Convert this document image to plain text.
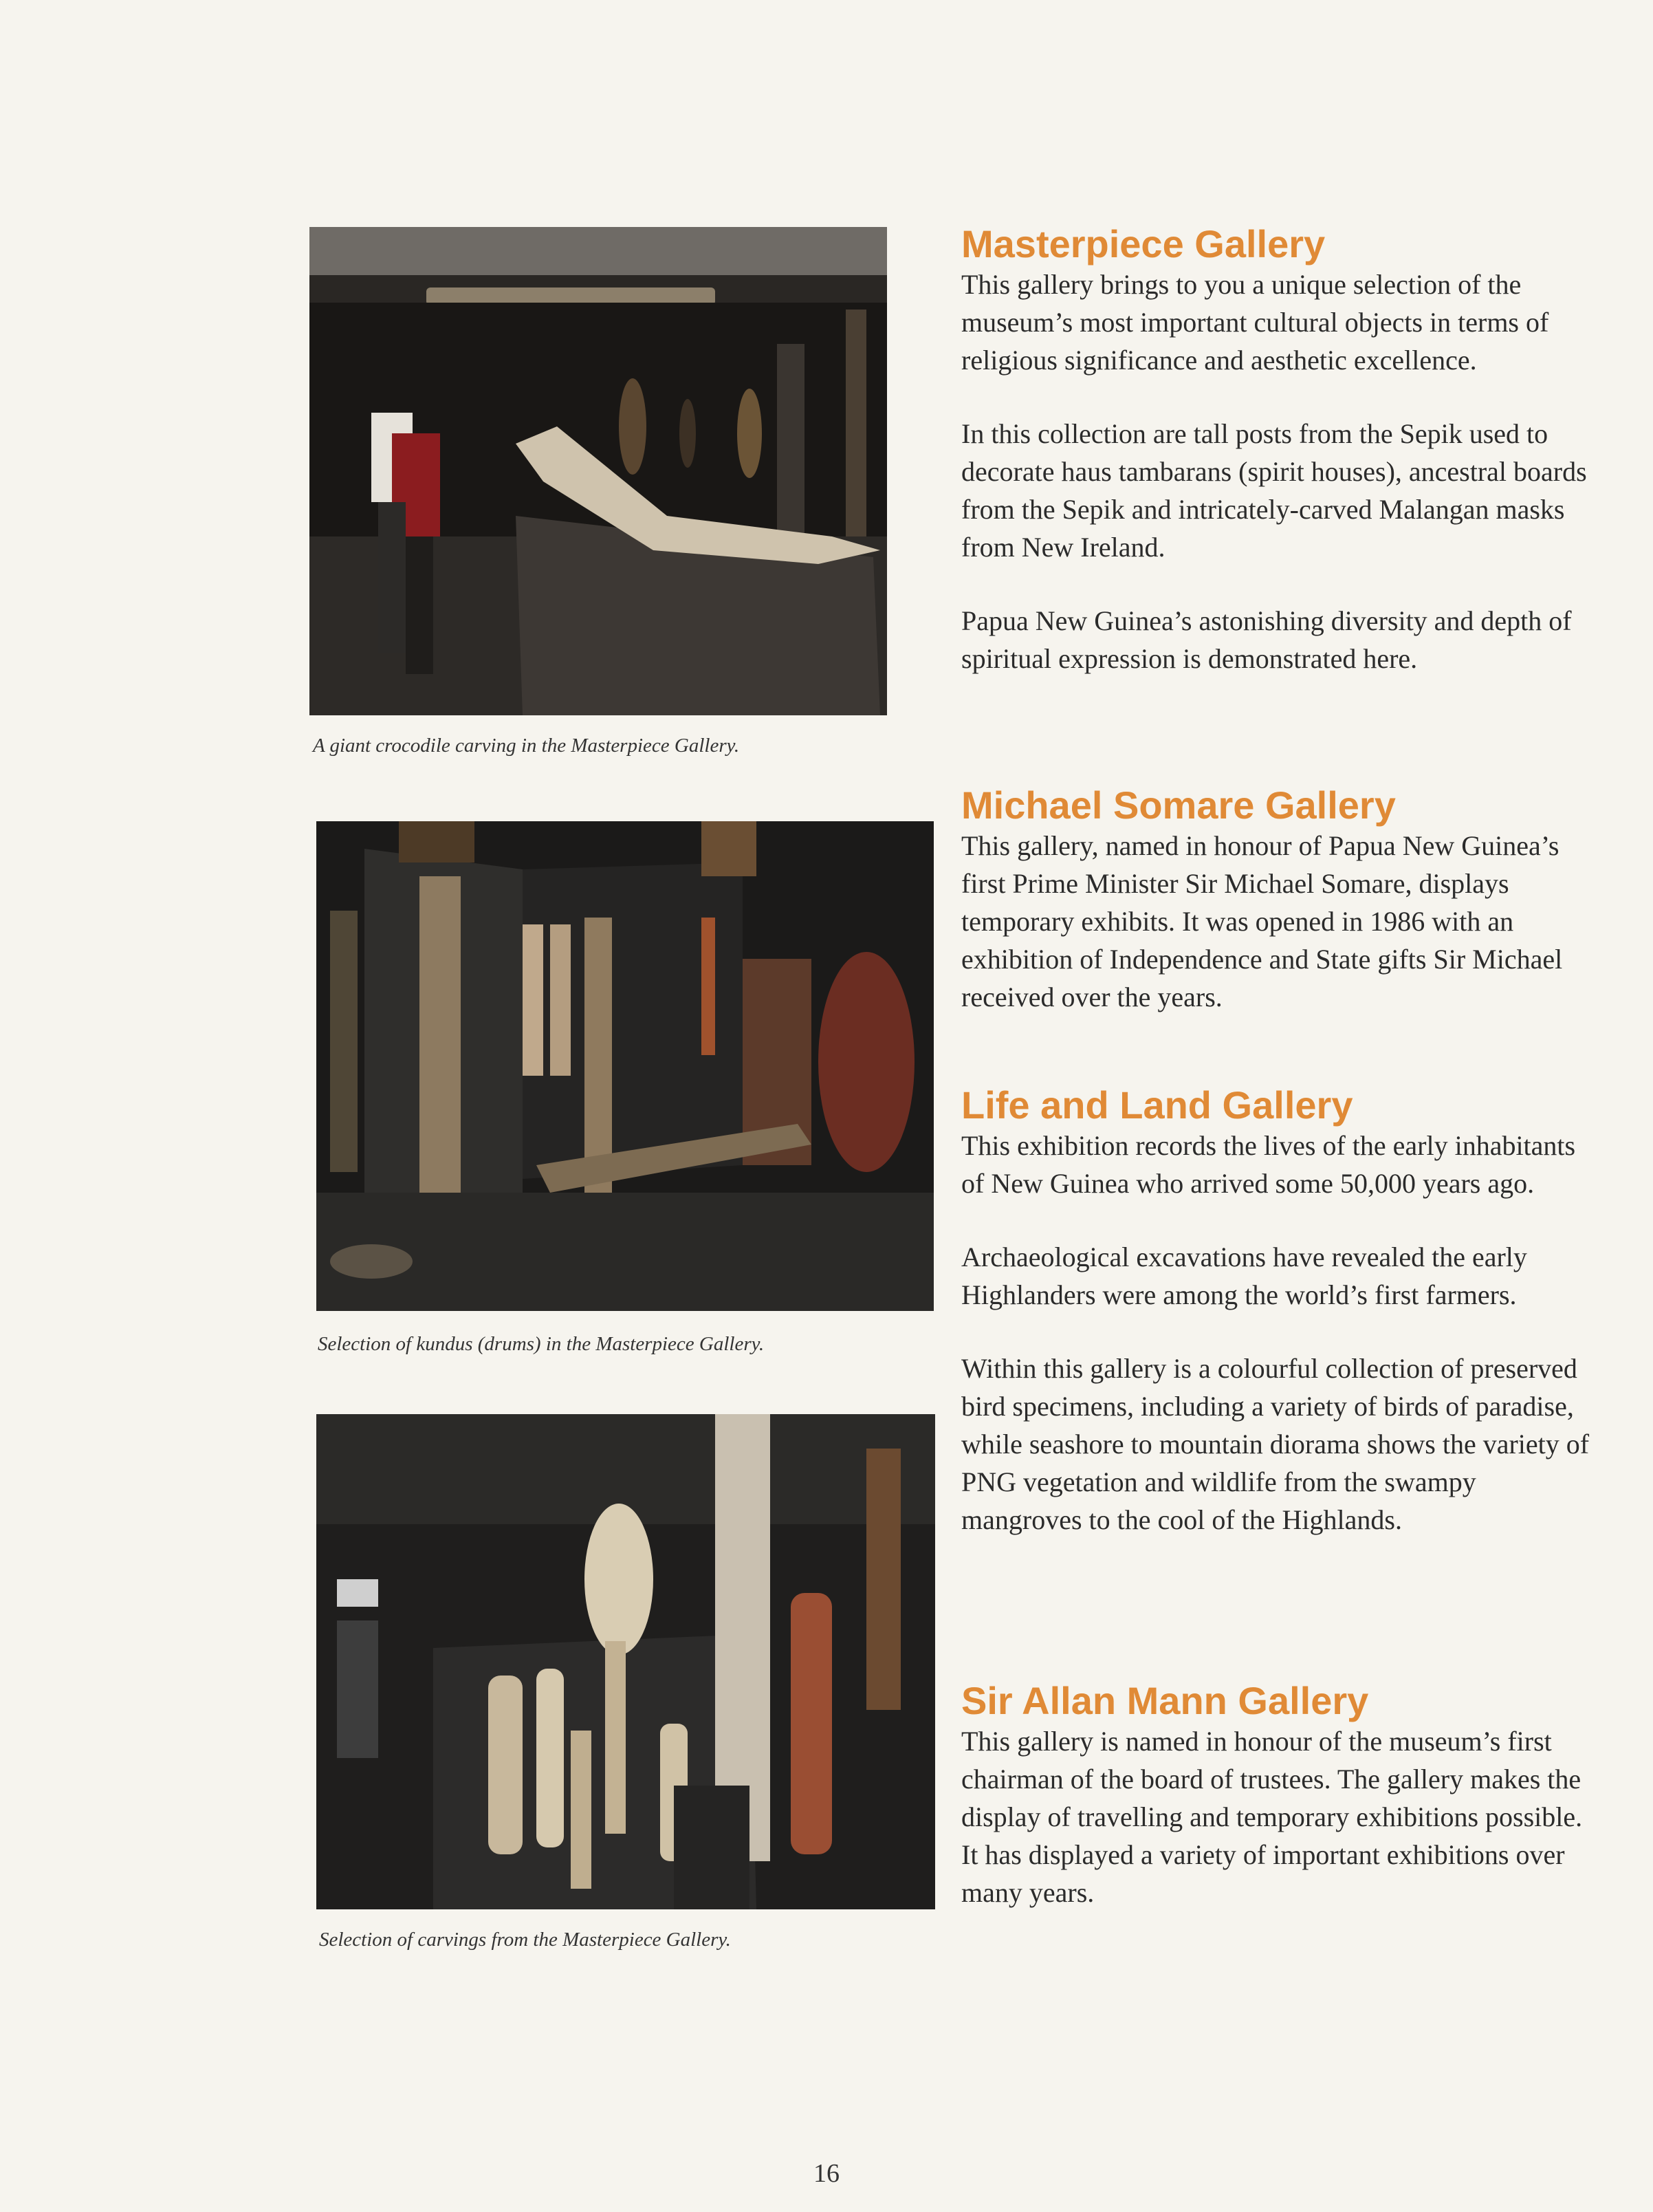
A giant crocodile carving in the Masterpiece Gallery.
Selection of kundus (drums) in the Masterpiece Gallery.
Selection of carvings from the Masterpiece Gallery.
Masterpiece Gallery

This gallery brings to you a unique selection of the museum’s most important cultural objects in terms of religious significance and aesthetic excellence.

In this collection are tall posts from the Sepik used to decorate haus tambarans (spirit houses), ancestral boards from the Sepik and intricately-carved Malangan masks from New Ireland.

Papua New Guinea’s astonishing diversity and depth of spiritual expression is demonstrated here.

Michael Somare Gallery

This gallery, named in honour of Papua New Guinea’s first Prime Minister Sir Michael Somare, displays temporary exhibits. It was opened in 1986 with an exhibition of Independence and State gifts Sir Michael received over the years.

Life and Land Gallery

This exhibition records the lives of the early inhabitants of New Guinea who arrived some 50,000 years ago.

Archaeological excavations have revealed the early Highlanders were among the world’s first farmers.

Within this gallery is a colourful collection of preserved bird specimens, including a variety of birds of paradise, while seashore to mountain diorama shows the variety of PNG vegetation and wildlife from the swampy mangroves to the cool of the Highlands.

Sir Allan Mann Gallery

This gallery is named in honour of the museum’s first chairman of the board of trustees. The gallery makes the display of travelling and temporary exhibitions possible. It has displayed a variety of important exhibitions over many years.

16
